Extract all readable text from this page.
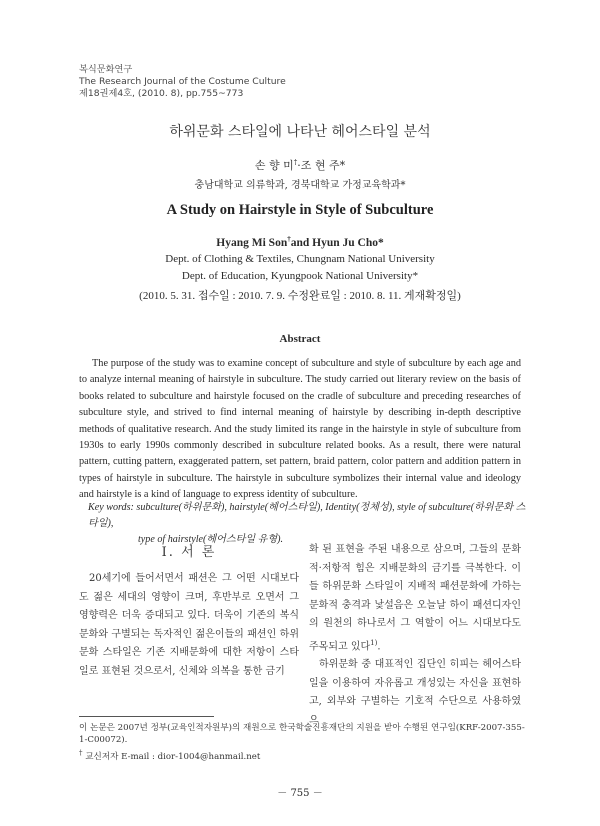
복식문화연구
The Research Journal of the Costume Culture
제18권제4호, (2010. 8), pp.755~773
하위문화 스타일에 나타난 헤어스타일 분석
손 향 미†·조 현 주*
충남대학교 의류학과, 경북대학교 가정교육학과*
A Study on Hairstyle in Style of Subculture
Hyang Mi Son†and Hyun Ju Cho*
Dept. of Clothing & Textiles, Chungnam National University
Dept. of Education, Kyungpook National University*
(2010. 5. 31. 접수일 : 2010. 7. 9. 수정완료일 : 2010. 8. 11. 게재확정일)
Abstract
The purpose of the study was to examine concept of subculture and style of subculture by each age and to analyze internal meaning of hairstyle in subculture. The study carried out literary review on the basis of books related to subculture and hairstyle focused on the cradle of subculture and preceding researches of subculture style, and strived to find internal meaning of hairstyle by describing in-depth descriptive methods of qualitative research. And the study limited its range in the hairstyle in style of subculture from 1930s to early 1990s commonly described in subculture related books. As a result, there were natural pattern, cutting pattern, exaggerated pattern, set pattern, braid pattern, color pattern and addition pattern in types of hairstyle in subculture. The hairstyle in subculture symbolizes their internal value and ideology and hairstyle is a kind of language to express identity of subculture.
Key words: subculture(하위문화), hairstyle(헤어스타일), Identity(정체성), style of subculture(하위문화 스타일),
type of hairstyle(헤어스타일 유형).
Ⅰ. 서 론
20세기에 들어서면서 패션은 그 어떤 시대보다도 젊은 세대의 영향이 크며, 후반부로 오면서 그 영향력은 더욱 증대되고 있다. 더욱이 기존의 복식 문화와 구별되는 독자적인 젊은이들의 패션인 하위문화 스타일은 기존 지배문화에 대한 저항이 스타일로 표현된 것으로서, 신체와 의복을 통한 금기
화 된 표현을 주된 내용으로 삼으며, 그들의 문화적·저항적 힘은 지배문화의 금기를 극복한다. 이들 하위문화 스타일이 지배적 패션문화에 가하는 문화적 충격과 낯설음은 오늘날 하이 패션디자인의 원천의 하나로서 그 역할이 어느 시대보다도 주목되고 있다$^{1)}$.
하위문화 중 대표적인 집단인 히피는 헤어스타일을 이용하여 자유롭고 개성있는 자신을 표현하고, 외부와 구별하는 기호적 수단으로 사용하였으
이 논문은 2007년 정부(교육인적자원부)의 재원으로 한국학술진흥재단의 지원을 받아 수행된 연구임(KRF-2007-355-1-C00072).
† 교신저자 E-mail : dior-1004@hanmail.net
－ 755 －
